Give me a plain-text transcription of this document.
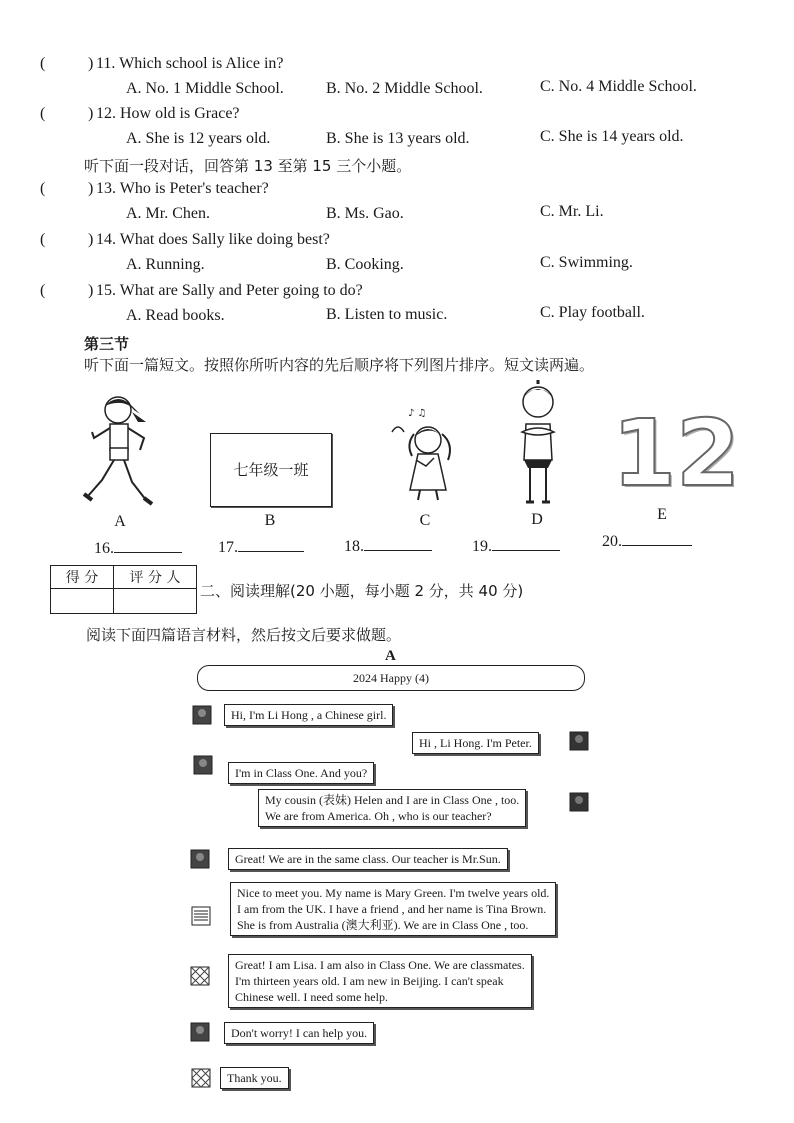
(	) 11. Which school is Alice in?
A. No. 1 Middle School.	B. No. 2 Middle School.	C. No. 4 Middle School.
(	) 12. How old is Grace?
A. She is 12 years old.	B. She is 13 years old.	C. She is 14 years old.
听下面一段对话，回答第 13 至第 15 三个小题。
(	) 13. Who is Peter's teacher?
A. Mr. Chen.	B. Ms. Gao.	C. Mr. Li.
(	) 14. What does Sally like doing best?
A. Running.	B. Cooking.	C. Swimming.
(	) 15. What are Sally and Peter going to do?
A. Read books.	B. Listen to music.	C. Play football.
第三节
听下面一篇短文。按照你所听内容的先后顺序将下列图片排序。短文读两遍。
A
七年级一班
B
♪ ♫
C	D
12
E
16.	17.	18.	19.	20.
得 分	评 分 人

二、阅读理解(20 小题，每小题 2 分，共 40 分)
阅读下面四篇语言材料，然后按文后要求做题。
A
2024 Happy (4)
Hi, I'm Li Hong , a Chinese girl.
Hi , Li Hong. I'm Peter.
I'm in Class One. And you?
My cousin (表妹) Helen and I are in Class One , too.
We are from America. Oh , who is our teacher?
Great! We are in the same class. Our teacher is Mr.Sun.
Nice to meet you. My name is Mary Green. I'm twelve years old.
I am from the UK. I have a friend , and her name is Tina Brown.
She is from Australia (澳大利亚). We are in Class One , too.
Great! I am Lisa. I am also in Class One. We are classmates.
I'm thirteen years old. I am new in Beijing. I can't speak
Chinese well. I need some help.
Don't worry! I can help you.
Thank you.
